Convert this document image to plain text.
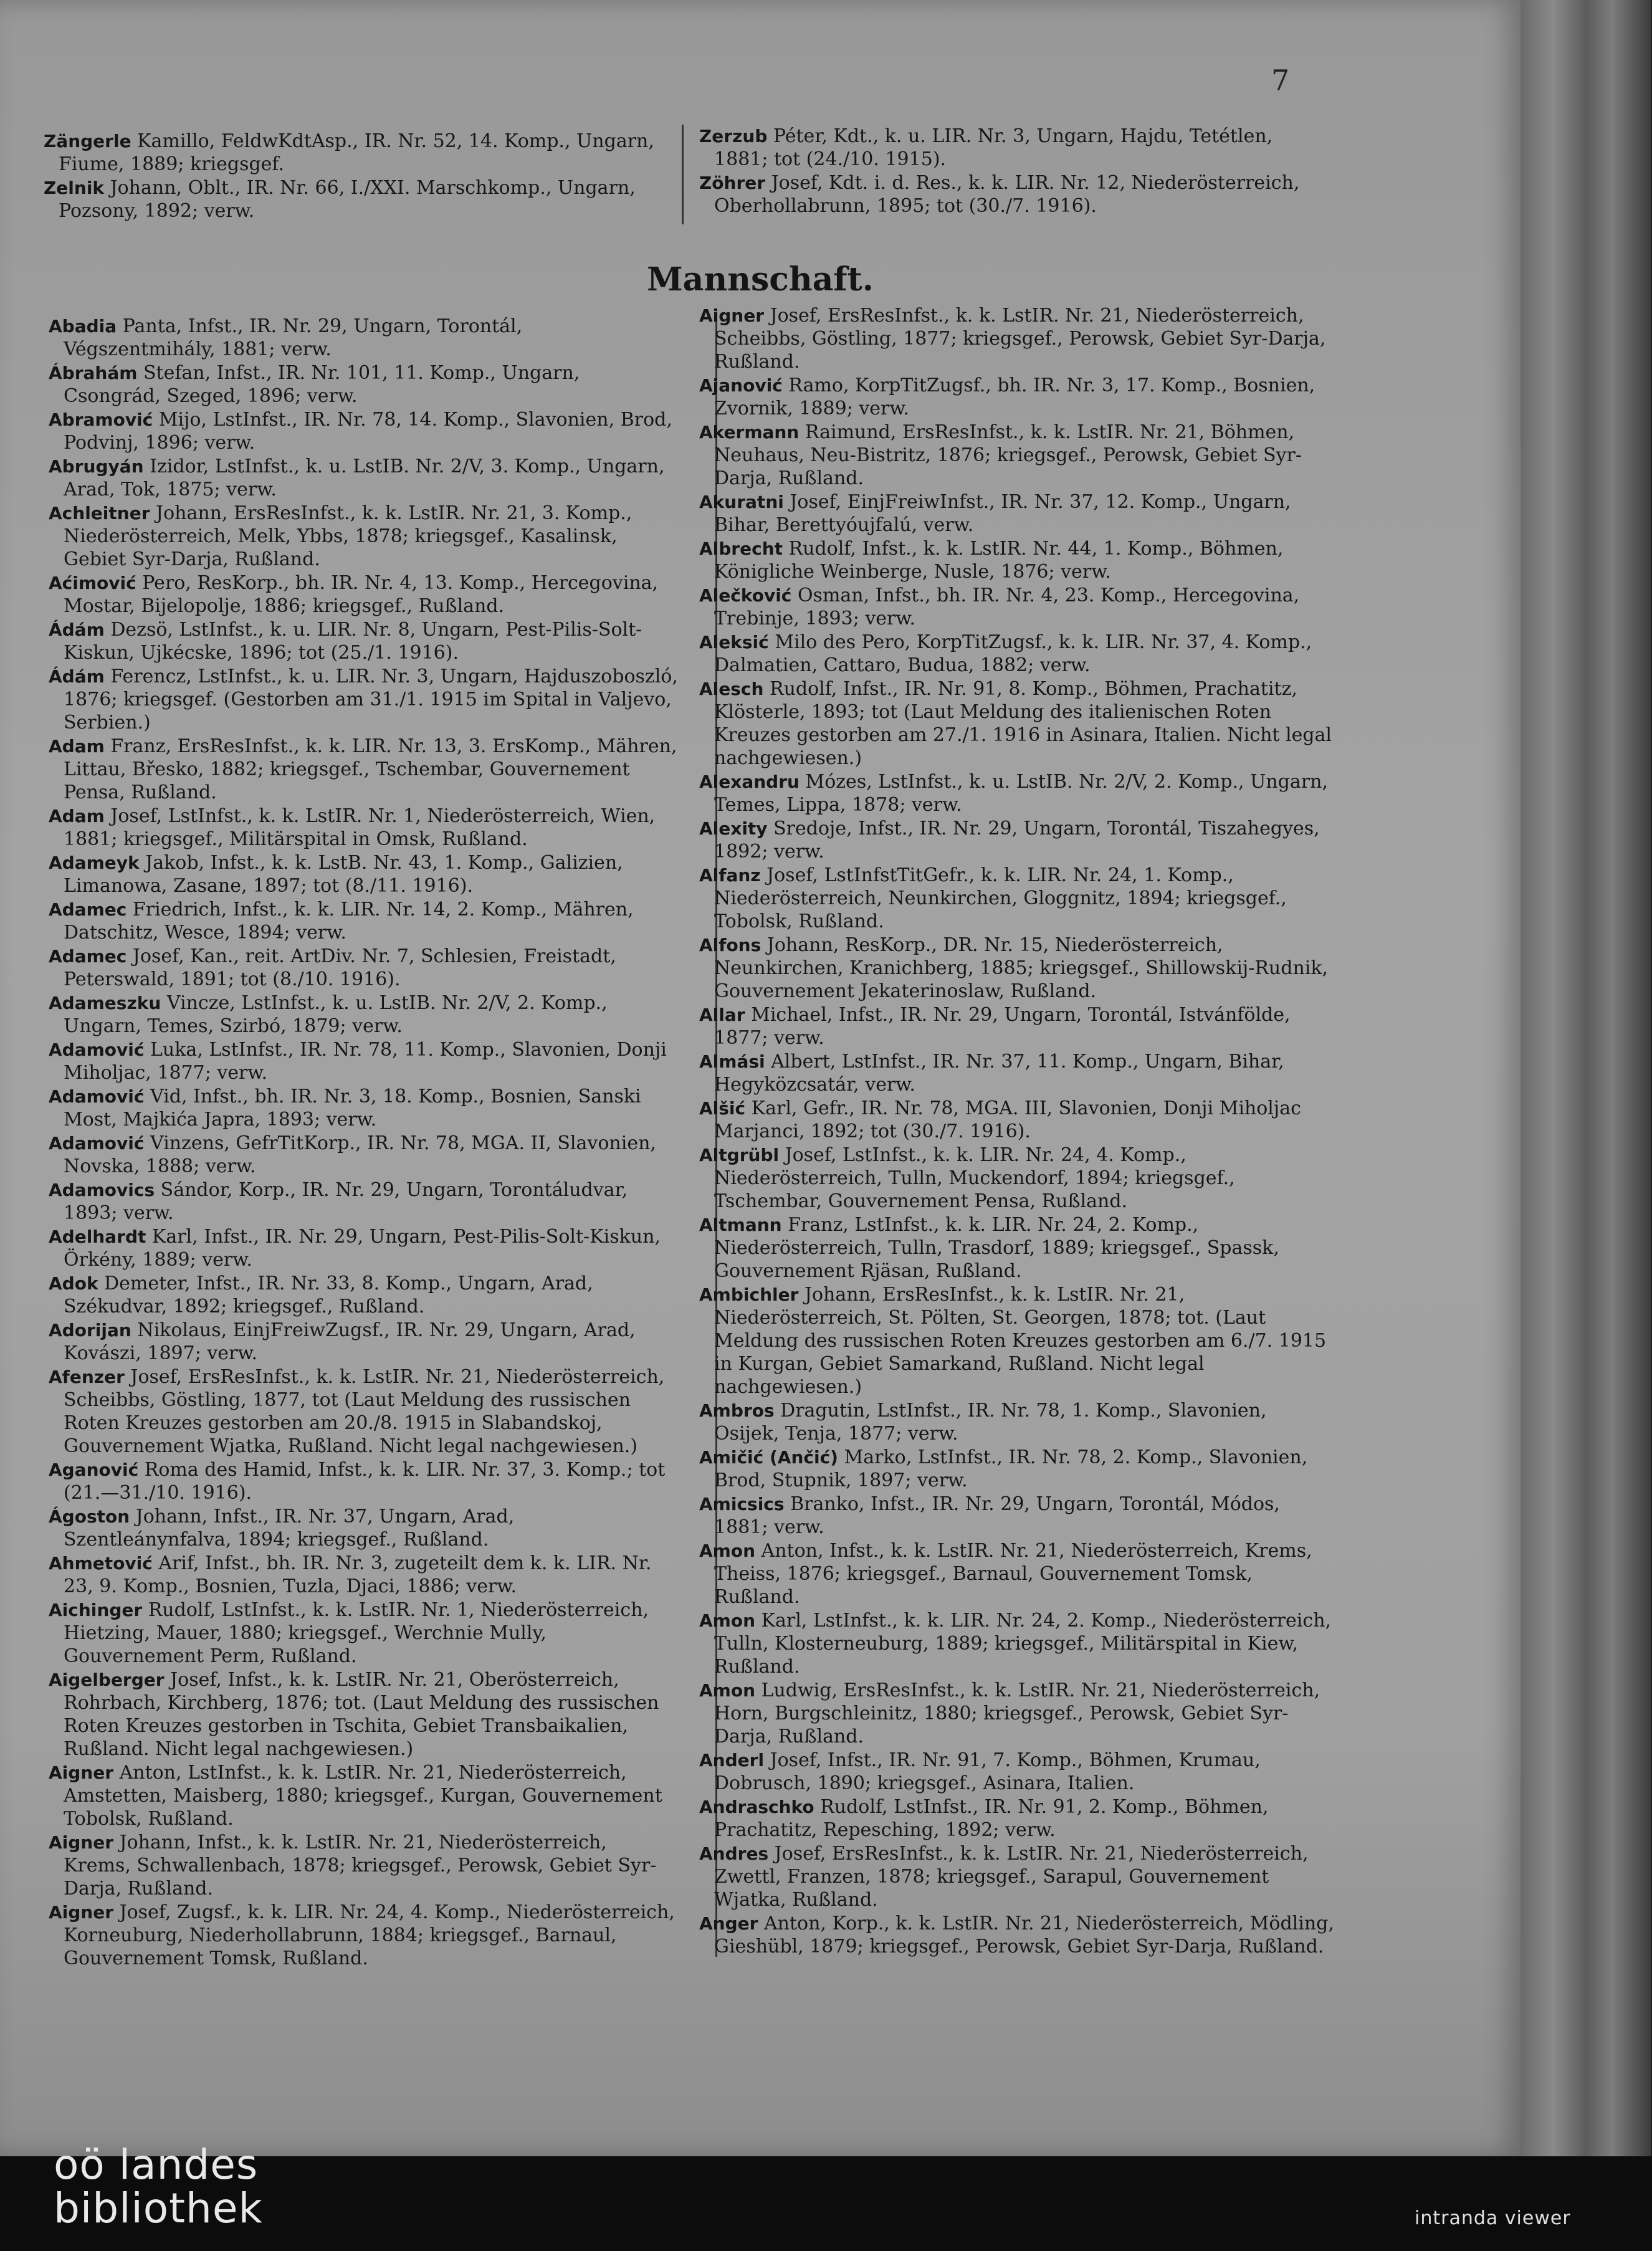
7

Zängerle Kamillo, FeldwKdtAsp., IR. Nr. 52, 14. Komp., Ungarn, Fiume, 1889; kriegsgef.

Zelnik Johann, Oblt., IR. Nr. 66, I./XXI. Marschkomp., Ungarn, Pozsony, 1892; verw.

Zerzub Péter, Kdt., k. u. LIR. Nr. 3, Ungarn, Hajdu, Tetétlen, 1881; tot (24./10. 1915).

Zöhrer Josef, Kdt. i. d. Res., k. k. LIR. Nr. 12, Niederösterreich, Oberhollabrunn, 1895; tot (30./7. 1916).

Mannschaft.

Abadia Panta, Infst., IR. Nr. 29, Ungarn, Torontál, Végszentmihály, 1881; verw.

Ábrahám Stefan, Infst., IR. Nr. 101, 11. Komp., Ungarn, Csongrád, Szeged, 1896; verw.

Abramović Mijo, LstInfst., IR. Nr. 78, 14. Komp., Slavonien, Brod, Podvinj, 1896; verw.

Abrugyán Izidor, LstInfst., k. u. LstIB. Nr. 2/V, 3. Komp., Ungarn, Arad, Tok, 1875; verw.

Achleitner Johann, ErsResInfst., k. k. LstIR. Nr. 21, 3. Komp., Niederösterreich, Melk, Ybbs, 1878; kriegsgef., Kasalinsk, Gebiet Syr-Darja, Rußland.

Aćimović Pero, ResKorp., bh. IR. Nr. 4, 13. Komp., Hercegovina, Mostar, Bijelopolje, 1886; kriegsgef., Rußland.

Ádám Dezsö, LstInfst., k. u. LIR. Nr. 8, Ungarn, Pest-Pilis-Solt-Kiskun, Ujkécske, 1896; tot (25./1. 1916).

Ádám Ferencz, LstInfst., k. u. LIR. Nr. 3, Ungarn, Hajduszoboszló, 1876; kriegsgef. (Gestorben am 31./1. 1915 im Spital in Valjevo, Serbien.)

Adam Franz, ErsResInfst., k. k. LIR. Nr. 13, 3. ErsKomp., Mähren, Littau, Břesko, 1882; kriegsgef., Tschembar, Gouvernement Pensa, Rußland.

Adam Josef, LstInfst., k. k. LstIR. Nr. 1, Niederösterreich, Wien, 1881; kriegsgef., Militärspital in Omsk, Rußland.

Adameyk Jakob, Infst., k. k. LstB. Nr. 43, 1. Komp., Galizien, Limanowa, Zasane, 1897; tot (8./11. 1916).

Adamec Friedrich, Infst., k. k. LIR. Nr. 14, 2. Komp., Mähren, Datschitz, Wesce, 1894; verw.

Adamec Josef, Kan., reit. ArtDiv. Nr. 7, Schlesien, Freistadt, Peterswald, 1891; tot (8./10. 1916).

Adameszku Vincze, LstInfst., k. u. LstIB. Nr. 2/V, 2. Komp., Ungarn, Temes, Szirbó, 1879; verw.

Adamović Luka, LstInfst., IR. Nr. 78, 11. Komp., Slavonien, Donji Miholjac, 1877; verw.

Adamović Vid, Infst., bh. IR. Nr. 3, 18. Komp., Bosnien, Sanski Most, Majkića Japra, 1893; verw.

Adamović Vinzens, GefrTitKorp., IR. Nr. 78, MGA. II, Slavonien, Novska, 1888; verw.

Adamovics Sándor, Korp., IR. Nr. 29, Ungarn, Torontáludvar, 1893; verw.

Adelhardt Karl, Infst., IR. Nr. 29, Ungarn, Pest-Pilis-Solt-Kiskun, Örkény, 1889; verw.

Adok Demeter, Infst., IR. Nr. 33, 8. Komp., Ungarn, Arad, Székudvar, 1892; kriegsgef., Rußland.

Adorijan Nikolaus, EinjFreiwZugsf., IR. Nr. 29, Ungarn, Arad, Kovászi, 1897; verw.

Afenzer Josef, ErsResInfst., k. k. LstIR. Nr. 21, Niederösterreich, Scheibbs, Göstling, 1877, tot (Laut Meldung des russischen Roten Kreuzes gestorben am 20./8. 1915 in Slabandskoj, Gouvernement Wjatka, Rußland. Nicht legal nachgewiesen.)

Aganović Roma des Hamid, Infst., k. k. LIR. Nr. 37, 3. Komp.; tot (21.—31./10. 1916).

Ágoston Johann, Infst., IR. Nr. 37, Ungarn, Arad, Szentleánynfalva, 1894; kriegsgef., Rußland.

Ahmetović Arif, Infst., bh. IR. Nr. 3, zugeteilt dem k. k. LIR. Nr. 23, 9. Komp., Bosnien, Tuzla, Djaci, 1886; verw.

Aichinger Rudolf, LstInfst., k. k. LstIR. Nr. 1, Niederösterreich, Hietzing, Mauer, 1880; kriegsgef., Werchnie Mully, Gouvernement Perm, Rußland.

Aigelberger Josef, Infst., k. k. LstIR. Nr. 21, Oberösterreich, Rohrbach, Kirchberg, 1876; tot. (Laut Meldung des russischen Roten Kreuzes gestorben in Tschita, Gebiet Transbaikalien, Rußland. Nicht legal nachgewiesen.)

Aigner Anton, LstInfst., k. k. LstIR. Nr. 21, Niederösterreich, Amstetten, Maisberg, 1880; kriegsgef., Kurgan, Gouvernement Tobolsk, Rußland.

Aigner Johann, Infst., k. k. LstIR. Nr. 21, Niederösterreich, Krems, Schwallenbach, 1878; kriegsgef., Perowsk, Gebiet Syr-Darja, Rußland.

Aigner Josef, Zugsf., k. k. LIR. Nr. 24, 4. Komp., Niederösterreich, Korneuburg, Niederhollabrunn, 1884; kriegsgef., Barnaul, Gouvernement Tomsk, Rußland.

Aigner Josef, ErsResInfst., k. k. LstIR. Nr. 21, Niederösterreich, Scheibbs, Göstling, 1877; kriegsgef., Perowsk, Gebiet Syr-Darja, Rußland.

Ajanović Ramo, KorpTitZugsf., bh. IR. Nr. 3, 17. Komp., Bosnien, Zvornik, 1889; verw.

Akermann Raimund, ErsResInfst., k. k. LstIR. Nr. 21, Böhmen, Neuhaus, Neu-Bistritz, 1876; kriegsgef., Perowsk, Gebiet Syr-Darja, Rußland.

Akuratni Josef, EinjFreiwInfst., IR. Nr. 37, 12. Komp., Ungarn, Bihar, Berettyóujfalú, verw.

Albrecht Rudolf, Infst., k. k. LstIR. Nr. 44, 1. Komp., Böhmen, Königliche Weinberge, Nusle, 1876; verw.

Alečković Osman, Infst., bh. IR. Nr. 4, 23. Komp., Hercegovina, Trebinje, 1893; verw.

Aleksić Milo des Pero, KorpTitZugsf., k. k. LIR. Nr. 37, 4. Komp., Dalmatien, Cattaro, Budua, 1882; verw.

Alesch Rudolf, Infst., IR. Nr. 91, 8. Komp., Böhmen, Prachatitz, Klösterle, 1893; tot (Laut Meldung des italienischen Roten Kreuzes gestorben am 27./1. 1916 in Asinara, Italien. Nicht legal nachgewiesen.)

Alexandru Mózes, LstInfst., k. u. LstIB. Nr. 2/V, 2. Komp., Ungarn, Temes, Lippa, 1878; verw.

Alexity Sredoje, Infst., IR. Nr. 29, Ungarn, Torontál, Tiszahegyes, 1892; verw.

Alfanz Josef, LstInfstTitGefr., k. k. LIR. Nr. 24, 1. Komp., Niederösterreich, Neunkirchen, Gloggnitz, 1894; kriegsgef., Tobolsk, Rußland.

Alfons Johann, ResKorp., DR. Nr. 15, Niederösterreich, Neunkirchen, Kranichberg, 1885; kriegsgef., Shillowskij-Rudnik, Gouvernement Jekaterinoslaw, Rußland.

Allar Michael, Infst., IR. Nr. 29, Ungarn, Torontál, Istvánfölde, 1877; verw.

Almási Albert, LstInfst., IR. Nr. 37, 11. Komp., Ungarn, Bihar, Hegyközcsatár, verw.

Alšić Karl, Gefr., IR. Nr. 78, MGA. III, Slavonien, Donji Miholjac Marjanci, 1892; tot (30./7. 1916).

Altgrübl Josef, LstInfst., k. k. LIR. Nr. 24, 4. Komp., Niederösterreich, Tulln, Muckendorf, 1894; kriegsgef., Tschembar, Gouvernement Pensa, Rußland.

Altmann Franz, LstInfst., k. k. LIR. Nr. 24, 2. Komp., Niederösterreich, Tulln, Trasdorf, 1889; kriegsgef., Spassk, Gouvernement Rjäsan, Rußland.

Ambichler Johann, ErsResInfst., k. k. LstIR. Nr. 21, Niederösterreich, St. Pölten, St. Georgen, 1878; tot. (Laut Meldung des russischen Roten Kreuzes gestorben am 6./7. 1915 in Kurgan, Gebiet Samarkand, Rußland. Nicht legal nachgewiesen.)

Ambros Dragutin, LstInfst., IR. Nr. 78, 1. Komp., Slavonien, Osijek, Tenja, 1877; verw.

Amičić (Ančić) Marko, LstInfst., IR. Nr. 78, 2. Komp., Slavonien, Brod, Stupnik, 1897; verw.

Amicsics Branko, Infst., IR. Nr. 29, Ungarn, Torontál, Módos, 1881; verw.

Amon Anton, Infst., k. k. LstIR. Nr. 21, Niederösterreich, Krems, Theiss, 1876; kriegsgef., Barnaul, Gouvernement Tomsk, Rußland.

Amon Karl, LstInfst., k. k. LIR. Nr. 24, 2. Komp., Niederösterreich, Tulln, Klosterneuburg, 1889; kriegsgef., Militärspital in Kiew, Rußland.

Amon Ludwig, ErsResInfst., k. k. LstIR. Nr. 21, Niederösterreich, Horn, Burgschleinitz, 1880; kriegsgef., Perowsk, Gebiet Syr-Darja, Rußland.

Anderl Josef, Infst., IR. Nr. 91, 7. Komp., Böhmen, Krumau, Dobrusch, 1890; kriegsgef., Asinara, Italien.

Andraschko Rudolf, LstInfst., IR. Nr. 91, 2. Komp., Böhmen, Prachatitz, Repesching, 1892; verw.

Andres Josef, ErsResInfst., k. k. LstIR. Nr. 21, Niederösterreich, Zwettl, Franzen, 1878; kriegsgef., Sarapul, Gouvernement Wjatka, Rußland.

Anger Anton, Korp., k. k. LstIR. Nr. 21, Niederösterreich, Mödling, Gieshübl, 1879; kriegsgef., Perowsk, Gebiet Syr-Darja, Rußland.

oö landes
bibliothek	intranda viewer
